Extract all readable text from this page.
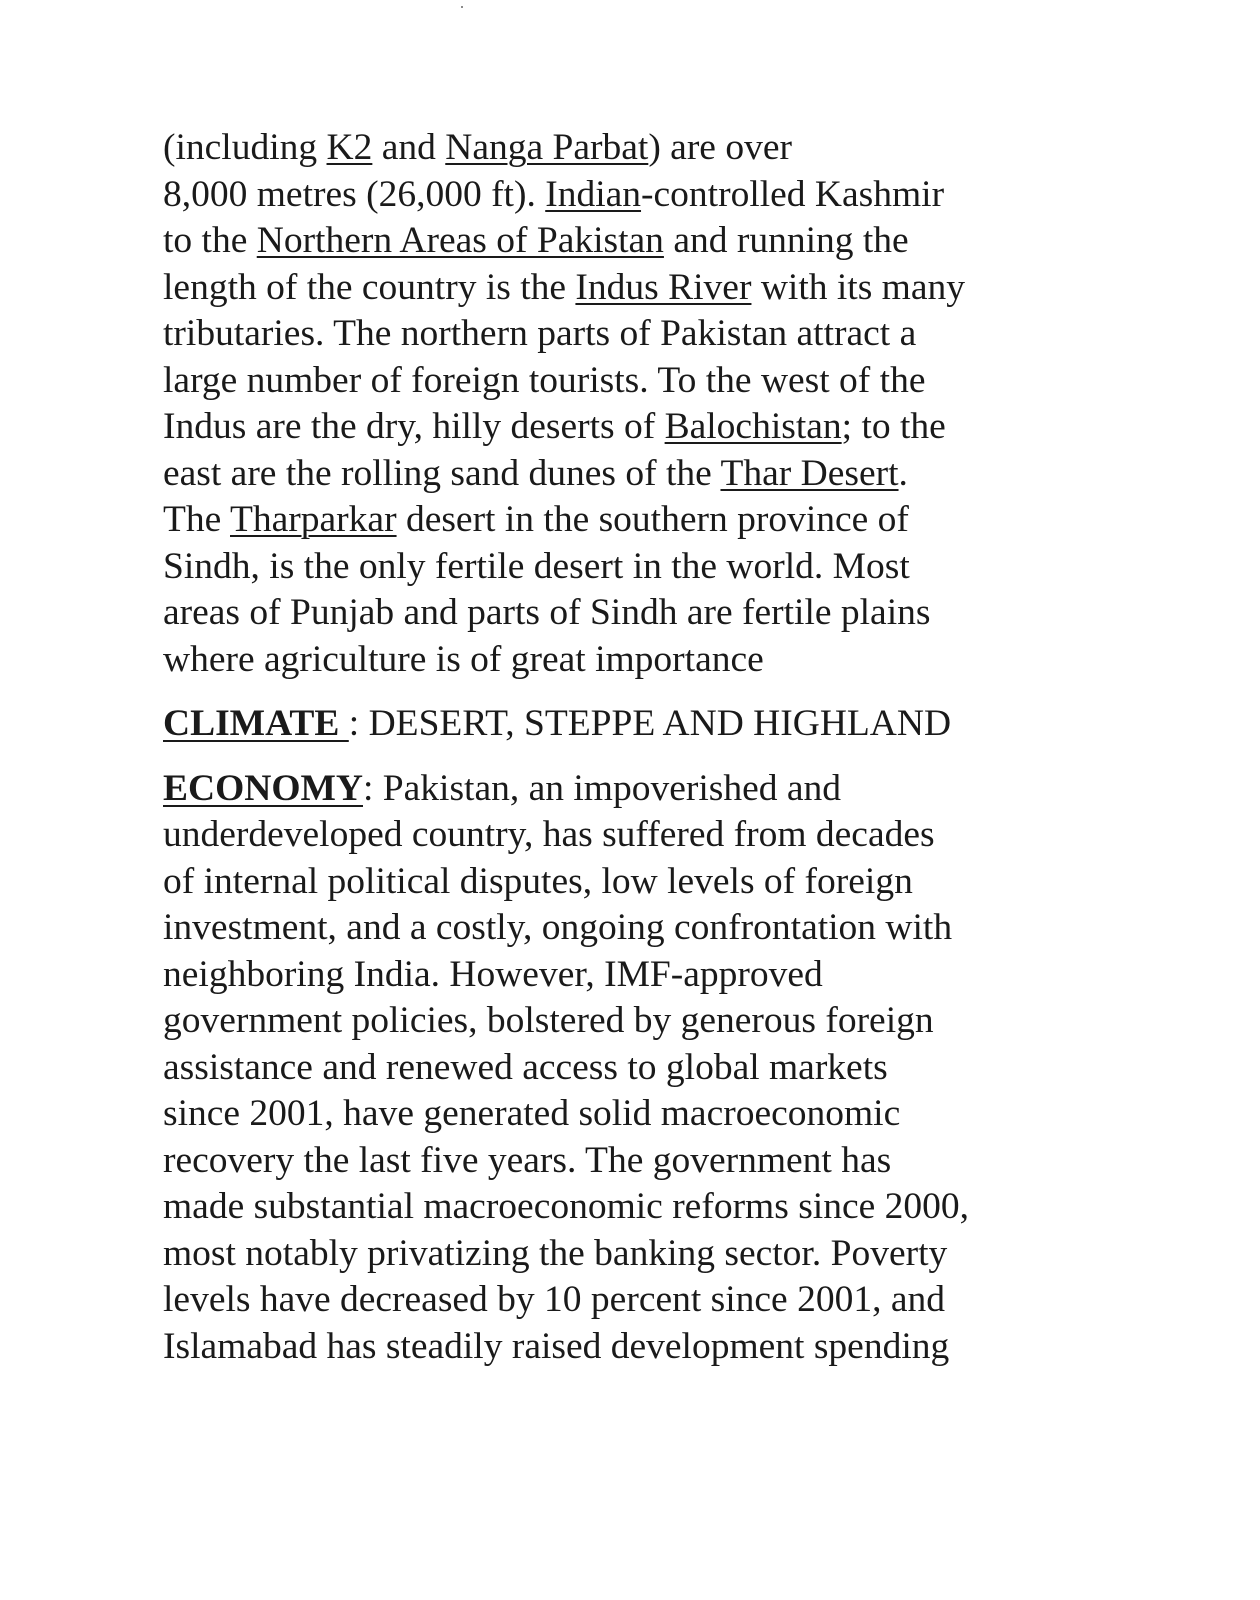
(including K2 and Nanga Parbat) are over
8,000 metres (26,000 ft). Indian-controlled Kashmir
to the Northern Areas of Pakistan and running the
length of the country is the Indus River with its many
tributaries. The northern parts of Pakistan attract a
large number of foreign tourists. To the west of the
Indus are the dry, hilly deserts of Balochistan; to the
east are the rolling sand dunes of the Thar Desert.
The Tharparkar desert in the southern province of
Sindh, is the only fertile desert in the world. Most
areas of Punjab and parts of Sindh are fertile plains
where agriculture is of great importance
CLIMATE : DESERT, STEPPE AND HIGHLAND
ECONOMY: Pakistan, an impoverished and
underdeveloped country, has suffered from decades
of internal political disputes, low levels of foreign
investment, and a costly, ongoing confrontation with
neighboring India. However, IMF-approved
government policies, bolstered by generous foreign
assistance and renewed access to global markets
since 2001, have generated solid macroeconomic
recovery the last five years. The government has
made substantial macroeconomic reforms since 2000,
most notably privatizing the banking sector. Poverty
levels have decreased by 10 percent since 2001, and
Islamabad has steadily raised development spending
